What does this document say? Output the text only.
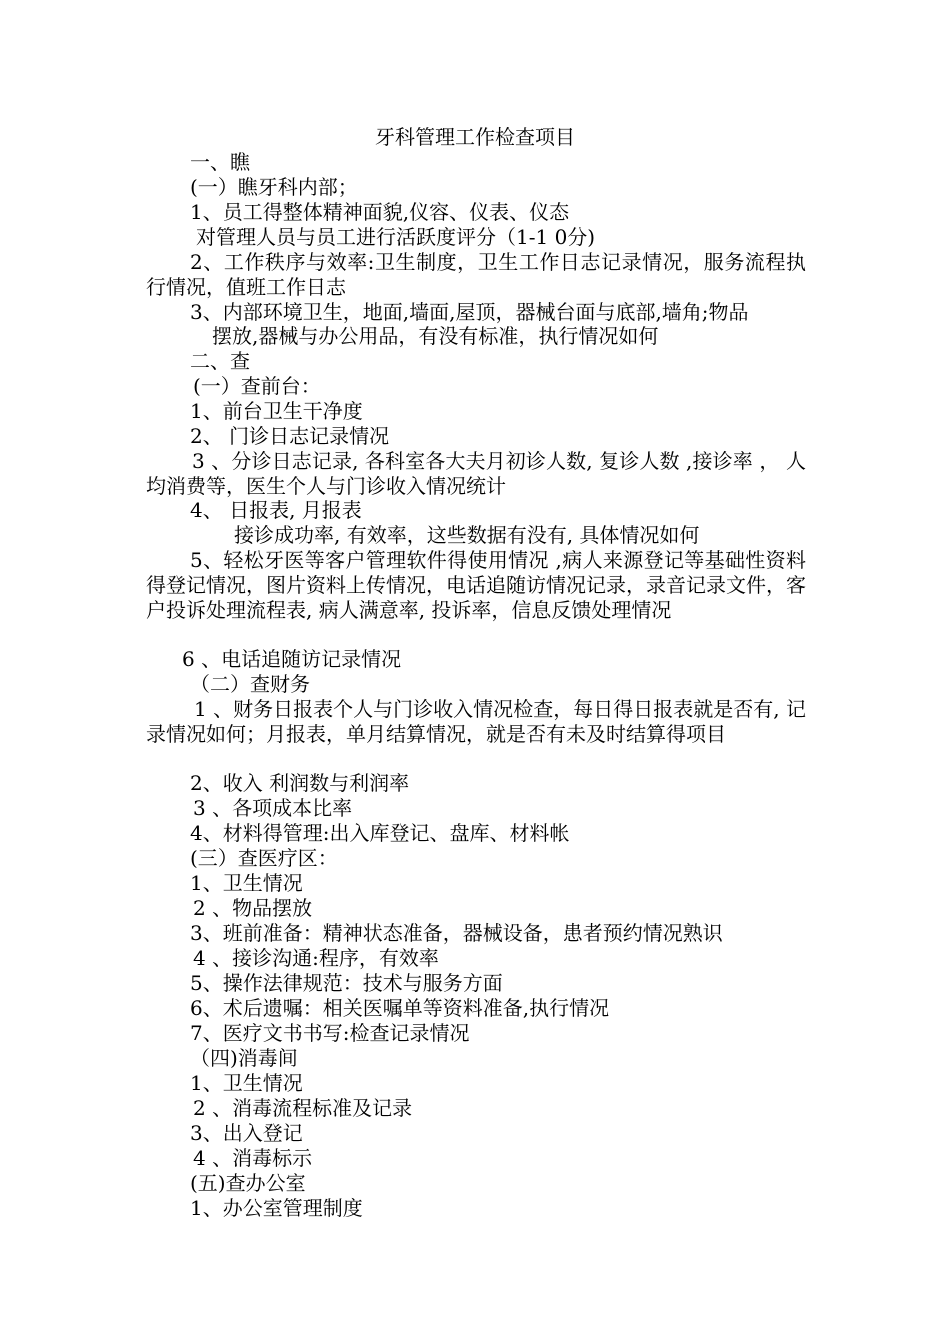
牙科管理工作检查项目
一、瞧
(一）瞧牙科内部；
1、员工得整体精神面貌,仪容、仪表、仪态
对管理人员与员工进行活跃度评分（1-1 0分)
2、工作秩序与效率:卫生制度，卫生工作日志记录情况，服务流程执行情况，值班工作日志
3、内部环境卫生，地面,墙面,屋顶，器械台面与底部,墙角;物品
摆放,器械与办公用品，有没有标准，执行情况如何
二、查
(一）查前台：
1、前台卫生干净度
2、 门诊日志记录情况
3 、分诊日志记录, 各科室各大夫月初诊人数, 复诊人数 ,接诊率 ， 人均消费等，医生个人与门诊收入情况统计
4、 日报表, 月报表
接诊成功率, 有效率，这些数据有没有, 具体情况如何
5、轻松牙医等客户管理软件得使用情况 ,病人来源登记等基础性资料得登记情况，图片资料上传情况，电话追随访情况记录，录音记录文件，客户投诉处理流程表, 病人满意率, 投诉率，信息反馈处理情况
6 、电话追随访记录情况
（二）查财务
1 、财务日报表个人与门诊收入情况检查，每日得日报表就是否有, 记录情况如何；月报表，单月结算情况，就是否有未及时结算得项目
2、收入 利润数与利润率
3 、各项成本比率
4、材料得管理:出入库登记、盘库、材料帐
(三）查医疗区：
1、卫生情况
2 、物品摆放
3、班前准备：精神状态准备，器械设备，患者预约情况熟识
4 、接诊沟通:程序，有效率
5、操作法律规范：技术与服务方面
6、术后遗嘱：相关医嘱单等资料准备,执行情况
7、医疗文书书写:检查记录情况
（四)消毒间
1、卫生情况
2 、消毒流程标准及记录
3、出入登记
4 、消毒标示
(五)查办公室
1、办公室管理制度
